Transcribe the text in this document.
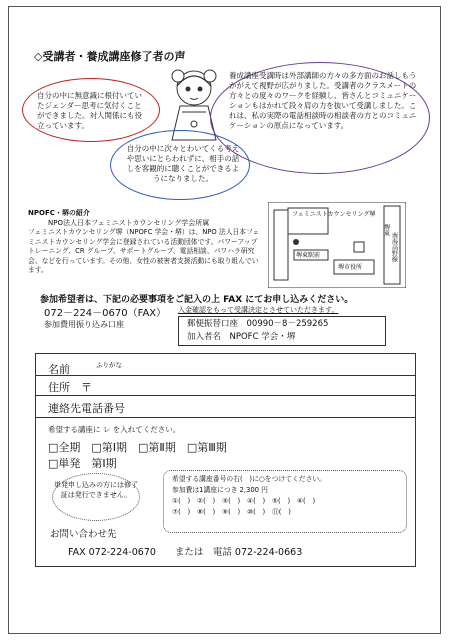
◇受講者・養成講座修了者の声
自分の中に無意識に根付いていたジェンダー思考に気付くことができました。対人関係にも役立っています。
自分の中に次々とわいてくる考えや思いにとらわれずに、相手の話しを客観的に聴くことができるようになりました。
養成講座受講時は外部講師の方々の多方面のお話しもうかがえて視野が広がりました。受講者のクラスメートの方々との度々のワークを経験し、皆さんとコミュニケーションもはかれて段々肩の力を抜いて受講しました。これは、私の実際の電話相談時の相談者の方とのコミュニケーションの原点になっています。
NPOFC・堺の紹介
NPO法人日本フェミニストカウンセリング学会所属
フェミニストカウンセリング堺（NPOFC 学会・堺）は、NPO 法人日本フェミニストカウンセリング学会に登録されている活動団体です。パワーアップトレーニング、CR グループ、サポートグループ、電話相談、パワハラ研究会、などを行っています。その他、女性の被害者支援活動にも取り組んでいます。
フェミニストカウンセリング堺
堺東駅前
堺市役所
堺東
南海高野線
参加希望者は、下記の必要事項をご記入の上 FAX にてお申し込みください。
072－224－0670（FAX）
参加費用振り込み口座
入金確認をもって受講決定とさせていただきます。
郵便振替口座　00990－8－259265
加入者名　NPOFC 学会・堺
ふりがな
名前
住所　〒
連絡先電話番号
希望する講座に レ を入れてください。
□全期　□第Ⅰ期　□第Ⅱ期　□第Ⅲ期
□単発　第Ⅰ期
単発申し込みの方には修了証は発行できません。
希望する講座番号の右(　)に○をつけてください。
参加費は1講座につき 2,300 円
①(　)　②(　)　③(　)　④(　)　⑤(　)　⑥(　)
⑦(　)　⑧(　)　⑨(　)　⑩(　)　⑪(　)
お問い合わせ先
FAX 072-224-0670　　または　電話 072-224-0663
